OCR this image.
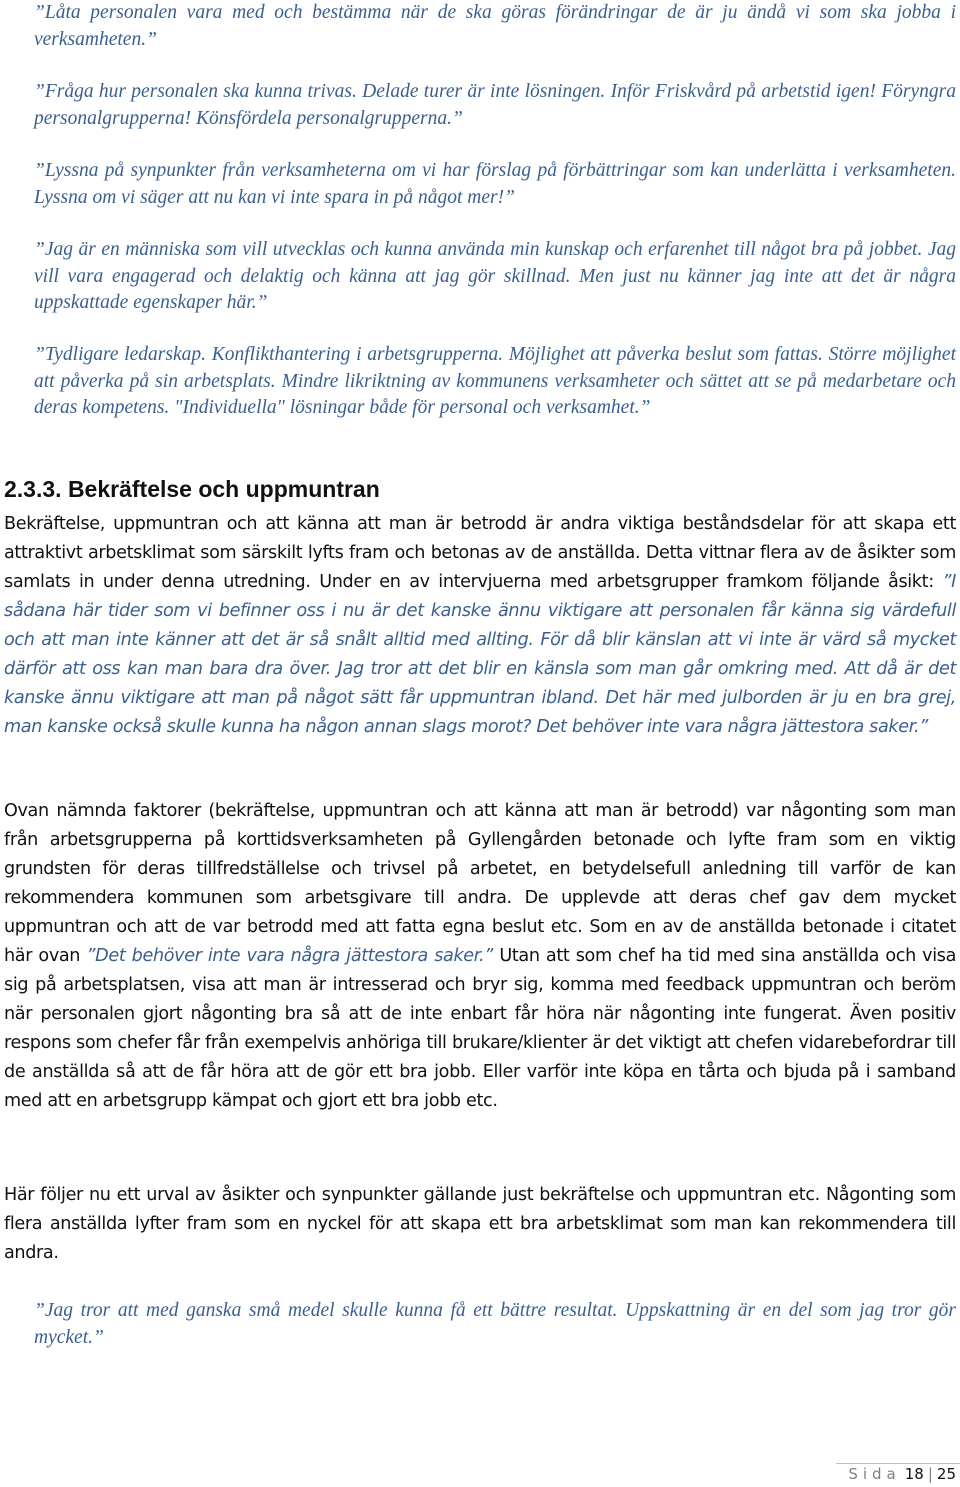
”Låta personalen vara med och bestämma när de ska göras förändringar de är ju ändå vi som ska jobba i verksamheten.”

”Fråga hur personalen ska kunna trivas. Delade turer är inte lösningen. Inför Friskvård på arbetstid igen! Föryngra personalgrupperna! Könsfördela personalgrupperna.”

”Lyssna på synpunkter från verksamheterna om vi har förslag på förbättringar som kan underlätta i verksamheten. Lyssna om vi säger att nu kan vi inte spara in på något mer!”

”Jag är en människa som vill utvecklas och kunna använda min kunskap och erfarenhet till något bra på jobbet. Jag vill vara engagerad och delaktig och känna att jag gör skillnad. Men just nu känner jag inte att det är några uppskattade egenskaper här.”

”Tydligare ledarskap. Konflikthantering i arbetsgrupperna. Möjlighet att påverka beslut som fattas. Större möjlighet att påverka på sin arbetsplats. Mindre likriktning av kommunens verksamheter och sättet att se på medarbetare och deras kompetens. "Individuella" lösningar både för personal och verksamhet.”

2.3.3. Bekräftelse och uppmuntran

Bekräftelse, uppmuntran och att känna att man är betrodd är andra viktiga beståndsdelar för att skapa ett attraktivt arbetsklimat som särskilt lyfts fram och betonas av de anställda. Detta vittnar flera av de åsikter som samlats in under denna utredning. Under en av intervjuerna med arbetsgrupper framkom följande åsikt: ”I sådana här tider som vi befinner oss i nu är det kanske ännu viktigare att personalen får känna sig värdefull och att man inte känner att det är så snålt alltid med allting. För då blir känslan att vi inte är värd så mycket därför att oss kan man bara dra över. Jag tror att det blir en känsla som man går omkring med. Att då är det kanske ännu viktigare att man på något sätt får uppmuntran ibland. Det här med julborden är ju en bra grej, man kanske också skulle kunna ha någon annan slags morot? Det behöver inte vara några jättestora saker.”

Ovan nämnda faktorer (bekräftelse, uppmuntran och att känna att man är betrodd) var någonting som man från arbetsgrupperna på korttidsverksamheten på Gyllengården betonade och lyfte fram som en viktig grundsten för deras tillfredställelse och trivsel på arbetet, en betydelsefull anledning till varför de kan rekommendera kommunen som arbetsgivare till andra. De upplevde att deras chef gav dem mycket uppmuntran och att de var betrodd med att fatta egna beslut etc. Som en av de anställda betonade i citatet här ovan ”Det behöver inte vara några jättestora saker.” Utan att som chef ha tid med sina anställda och visa sig på arbetsplatsen, visa att man är intresserad och bryr sig, komma med feedback uppmuntran och beröm när personalen gjort någonting bra så att de inte enbart får höra när någonting inte fungerat. Även positiv respons som chefer får från exempelvis anhöriga till brukare/klienter är det viktigt att chefen vidarebefordrar till de anställda så att de får höra att de gör ett bra jobb. Eller varför inte köpa en tårta och bjuda på i samband med att en arbetsgrupp kämpat och gjort ett bra jobb etc.

Här följer nu ett urval av åsikter och synpunkter gällande just bekräftelse och uppmuntran etc. Någonting som flera anställda lyfter fram som en nyckel för att skapa ett bra arbetsklimat som man kan rekommendera till andra.

”Jag tror att med ganska små medel skulle kunna få ett bättre resultat. Uppskattning är en del som jag tror gör mycket.”

Sida 18 | 25
